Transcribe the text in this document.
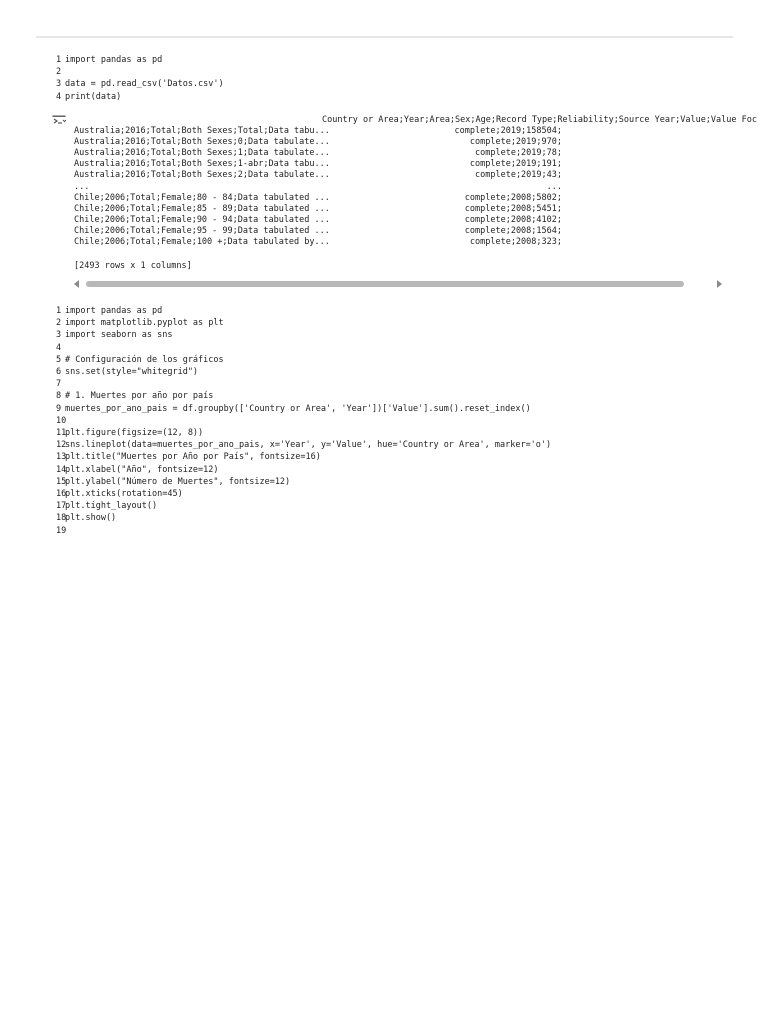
1 import pandas as pd
2
3 data = pd.read_csv('Datos.csv')
4 print(data)

Country or Area;Year;Area;Sex;Age;Record Type;Reliability;Source Year;Value;Value Foc

Australia;2016;Total;Both Sexes;Total;Data tabu...	complete;2019;158504;
Australia;2016;Total;Both Sexes;0;Data tabulate...	complete;2019;970;
Australia;2016;Total;Both Sexes;1;Data tabulate...	complete;2019;78;
Australia;2016;Total;Both Sexes;1-abr;Data tabu...	complete;2019;191;
Australia;2016;Total;Both Sexes;2;Data tabulate...	complete;2019;43;
...	...
Chile;2006;Total;Female;80 - 84;Data tabulated ...	complete;2008;5802;
Chile;2006;Total;Female;85 - 89;Data tabulated ...	complete;2008;5451;
Chile;2006;Total;Female;90 - 94;Data tabulated ...	complete;2008;4102;
Chile;2006;Total;Female;95 - 99;Data tabulated ...	complete;2008;1564;
Chile;2006;Total;Female;100 +;Data tabulated by...	complete;2008;323;

[2493 rows x 1 columns]

1 import pandas as pd
2 import matplotlib.pyplot as plt
3 import seaborn as sns
4
5 # Configuración de los gráficos
6 sns.set(style="whitegrid")
7
8 # 1. Muertes por año por país
9 muertes_por_ano_pais = df.groupby(['Country or Area', 'Year'])['Value'].sum().reset_index()
10
11
plt.figure(figsize=(12, 8))
12
sns.lineplot(data=muertes_por_ano_pais, x='Year', y='Value', hue='Country or Area', marker='o')
13
plt.title("Muertes por Año por País", fontsize=16)
14
plt.xlabel("Año", fontsize=12)
15
plt.ylabel("Número de Muertes", fontsize=12)
16
plt.xticks(rotation=45)
17
plt.tight_layout()
18
plt.show()
19
